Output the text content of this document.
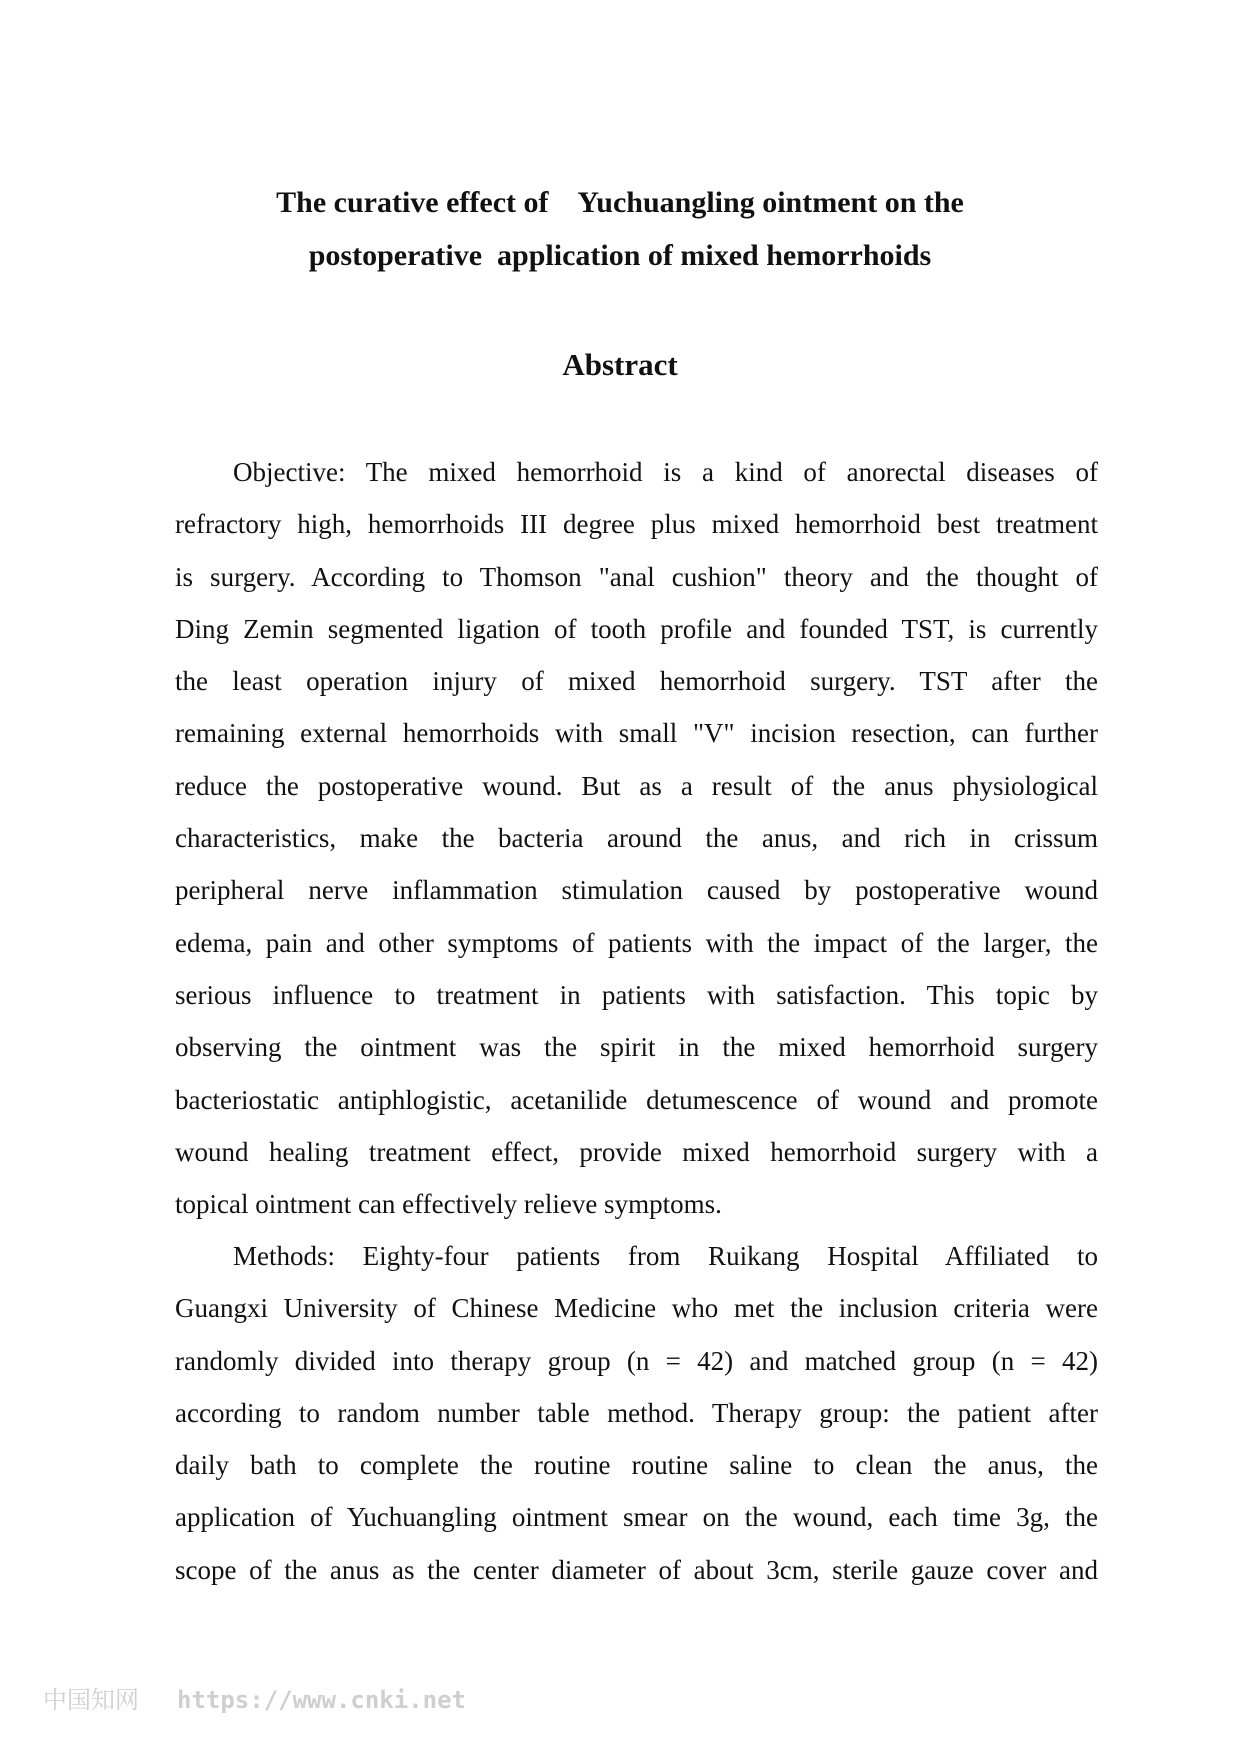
The curative effect of    Yuchuangling ointment on the
postoperative  application of mixed hemorrhoids
Abstract
Objective: The mixed hemorrhoid is a kind of anorectal diseases of
refractory high, hemorrhoids III degree plus mixed hemorrhoid best treatment
is surgery. According to Thomson "anal cushion" theory and the thought of
Ding Zemin segmented ligation of tooth profile and founded TST, is currently
the least operation injury of mixed hemorrhoid surgery. TST after the
remaining external hemorrhoids with small "V" incision resection, can further
reduce the postoperative wound. But as a result of the anus physiological
characteristics, make the bacteria around the anus, and rich in crissum
peripheral nerve inflammation stimulation caused by postoperative wound
edema, pain and other symptoms of patients with the impact of the larger, the
serious influence to treatment in patients with satisfaction. This topic by
observing the ointment was the spirit in the mixed hemorrhoid surgery
bacteriostatic antiphlogistic, acetanilide detumescence of wound and promote
wound healing treatment effect, provide mixed hemorrhoid surgery with a
topical ointment can effectively relieve symptoms.
Methods: Eighty-four patients from Ruikang Hospital Affiliated to
Guangxi University of Chinese Medicine who met the inclusion criteria were
randomly divided into therapy group (n = 42) and matched group (n = 42)
according to random number table method. Therapy group: the patient after
daily bath to complete the routine routine saline to clean the anus, the
application of Yuchuangling ointment smear on the wound, each time 3g, the
scope of the anus as the center diameter of about 3cm, sterile gauze cover and
中国知网 https://www.cnki.net
